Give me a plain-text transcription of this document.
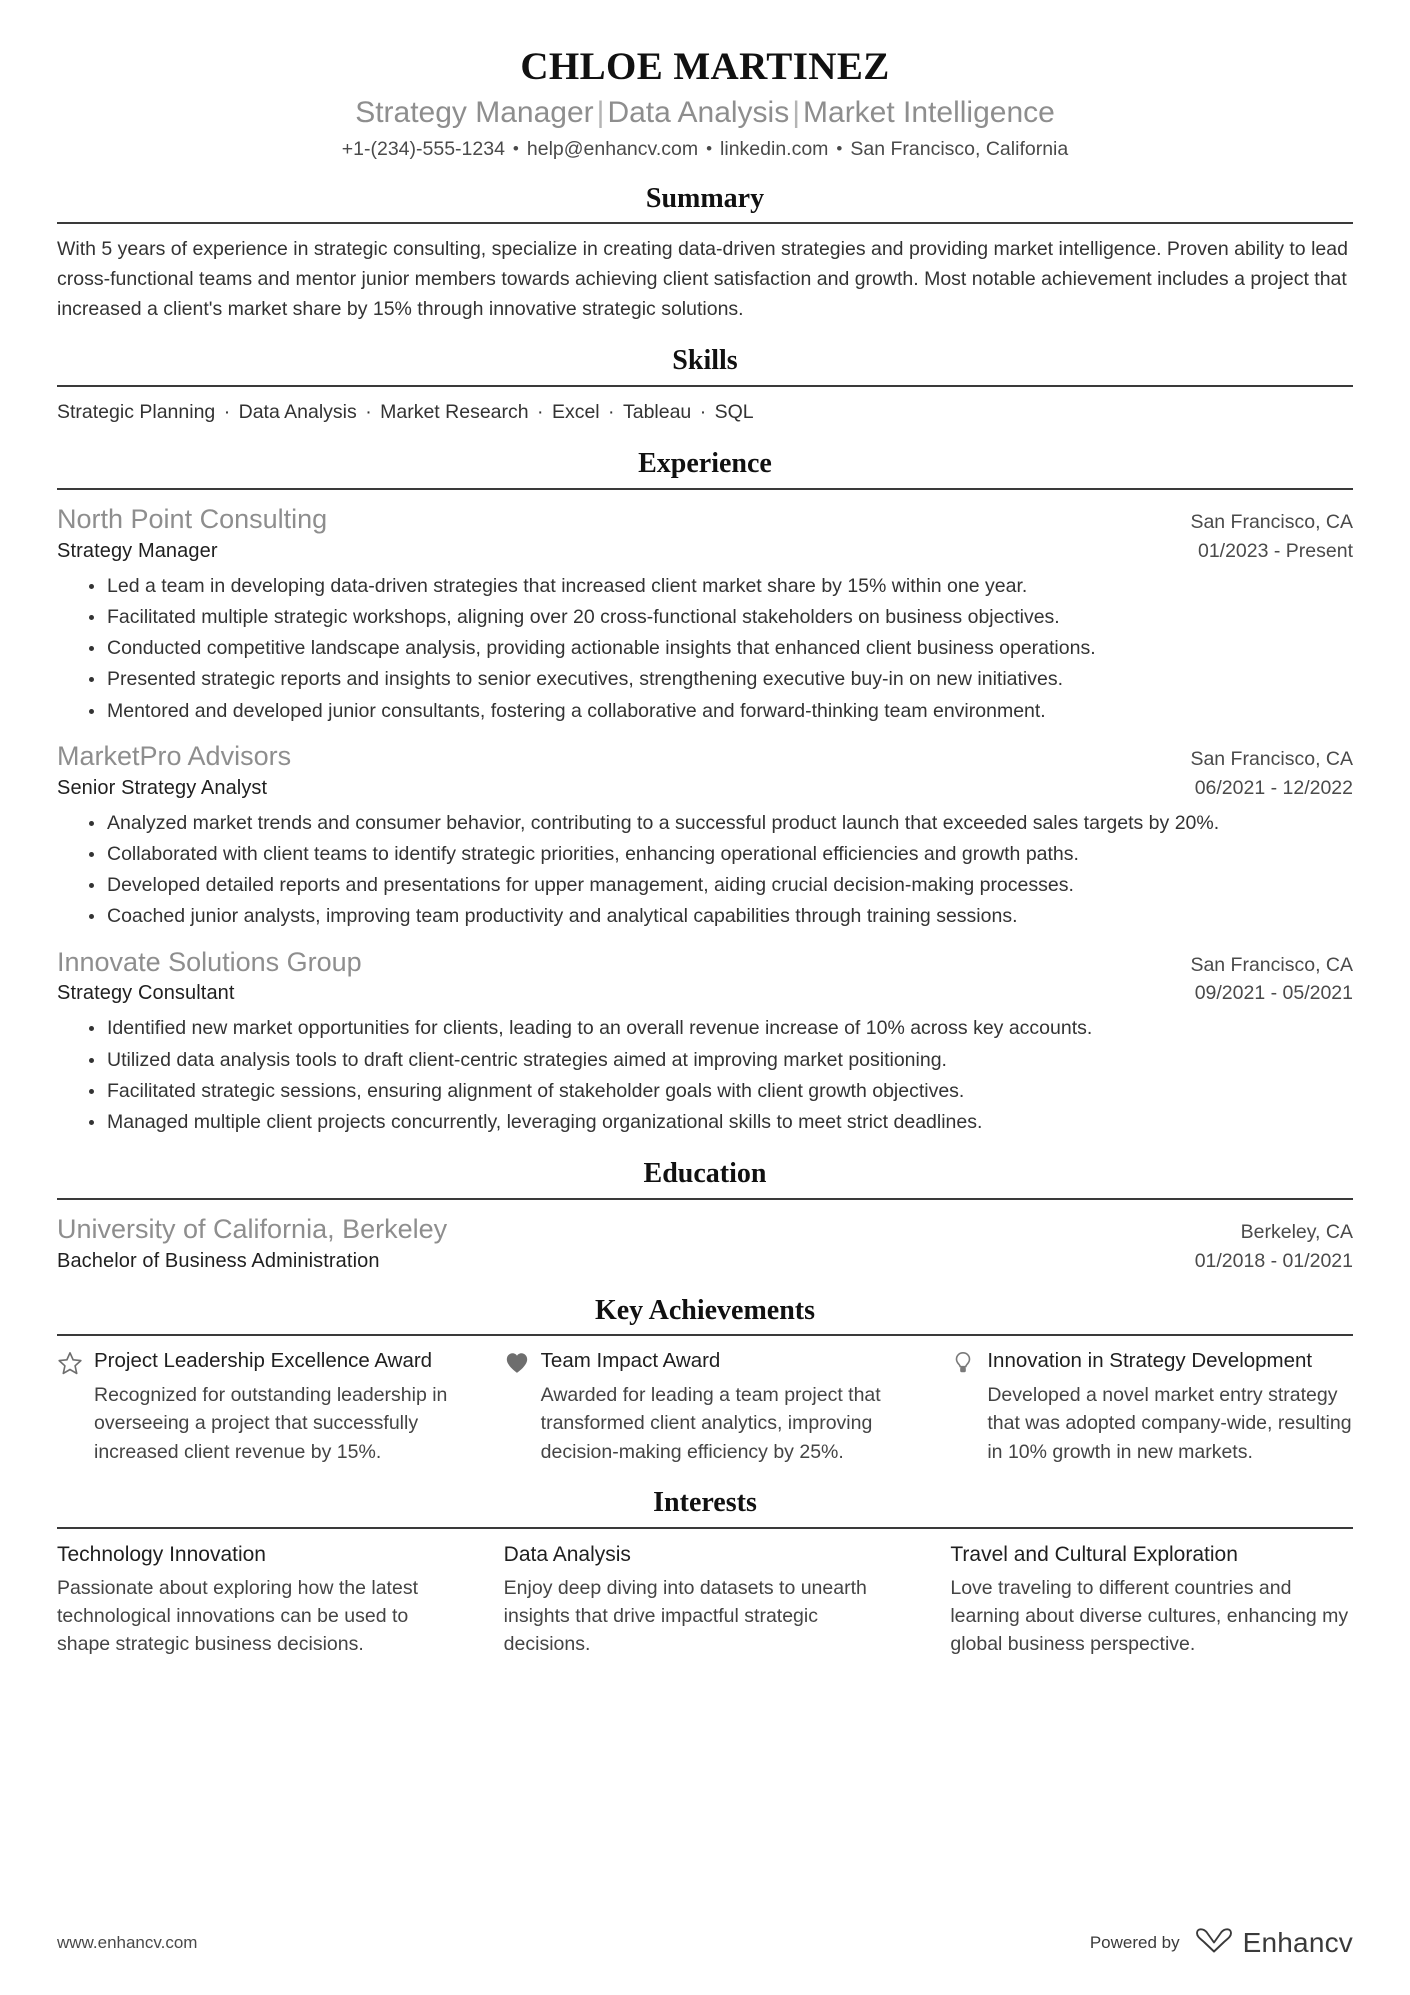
CHLOE MARTINEZ
Strategy Manager | Data Analysis | Market Intelligence
+1-(234)-555-1234 • help@enhancv.com • linkedin.com • San Francisco, California
Summary
With 5 years of experience in strategic consulting, specialize in creating data-driven strategies and providing market intelligence. Proven ability to lead cross-functional teams and mentor junior members towards achieving client satisfaction and growth. Most notable achievement includes a project that increased a client's market share by 15% through innovative strategic solutions.
Skills
Strategic Planning · Data Analysis · Market Research · Excel · Tableau · SQL
Experience
North Point Consulting	San Francisco, CA
Strategy Manager	01/2023 - Present
Led a team in developing data-driven strategies that increased client market share by 15% within one year.
Facilitated multiple strategic workshops, aligning over 20 cross-functional stakeholders on business objectives.
Conducted competitive landscape analysis, providing actionable insights that enhanced client business operations.
Presented strategic reports and insights to senior executives, strengthening executive buy-in on new initiatives.
Mentored and developed junior consultants, fostering a collaborative and forward-thinking team environment.
MarketPro Advisors	San Francisco, CA
Senior Strategy Analyst	06/2021 - 12/2022
Analyzed market trends and consumer behavior, contributing to a successful product launch that exceeded sales targets by 20%.
Collaborated with client teams to identify strategic priorities, enhancing operational efficiencies and growth paths.
Developed detailed reports and presentations for upper management, aiding crucial decision-making processes.
Coached junior analysts, improving team productivity and analytical capabilities through training sessions.
Innovate Solutions Group	San Francisco, CA
Strategy Consultant	09/2021 - 05/2021
Identified new market opportunities for clients, leading to an overall revenue increase of 10% across key accounts.
Utilized data analysis tools to draft client-centric strategies aimed at improving market positioning.
Facilitated strategic sessions, ensuring alignment of stakeholder goals with client growth objectives.
Managed multiple client projects concurrently, leveraging organizational skills to meet strict deadlines.
Education
University of California, Berkeley	Berkeley, CA
Bachelor of Business Administration	01/2018 - 01/2021
Key Achievements
Project Leadership Excellence Award
Recognized for outstanding leadership in overseeing a project that successfully increased client revenue by 15%.
Team Impact Award
Awarded for leading a team project that transformed client analytics, improving decision-making efficiency by 25%.
Innovation in Strategy Development
Developed a novel market entry strategy that was adopted company-wide, resulting in 10% growth in new markets.
Interests
Technology Innovation
Passionate about exploring how the latest technological innovations can be used to shape strategic business decisions.
Data Analysis
Enjoy deep diving into datasets to unearth insights that drive impactful strategic decisions.
Travel and Cultural Exploration
Love traveling to different countries and learning about diverse cultures, enhancing my global business perspective.
www.enhancv.com	Powered by Enhancv
